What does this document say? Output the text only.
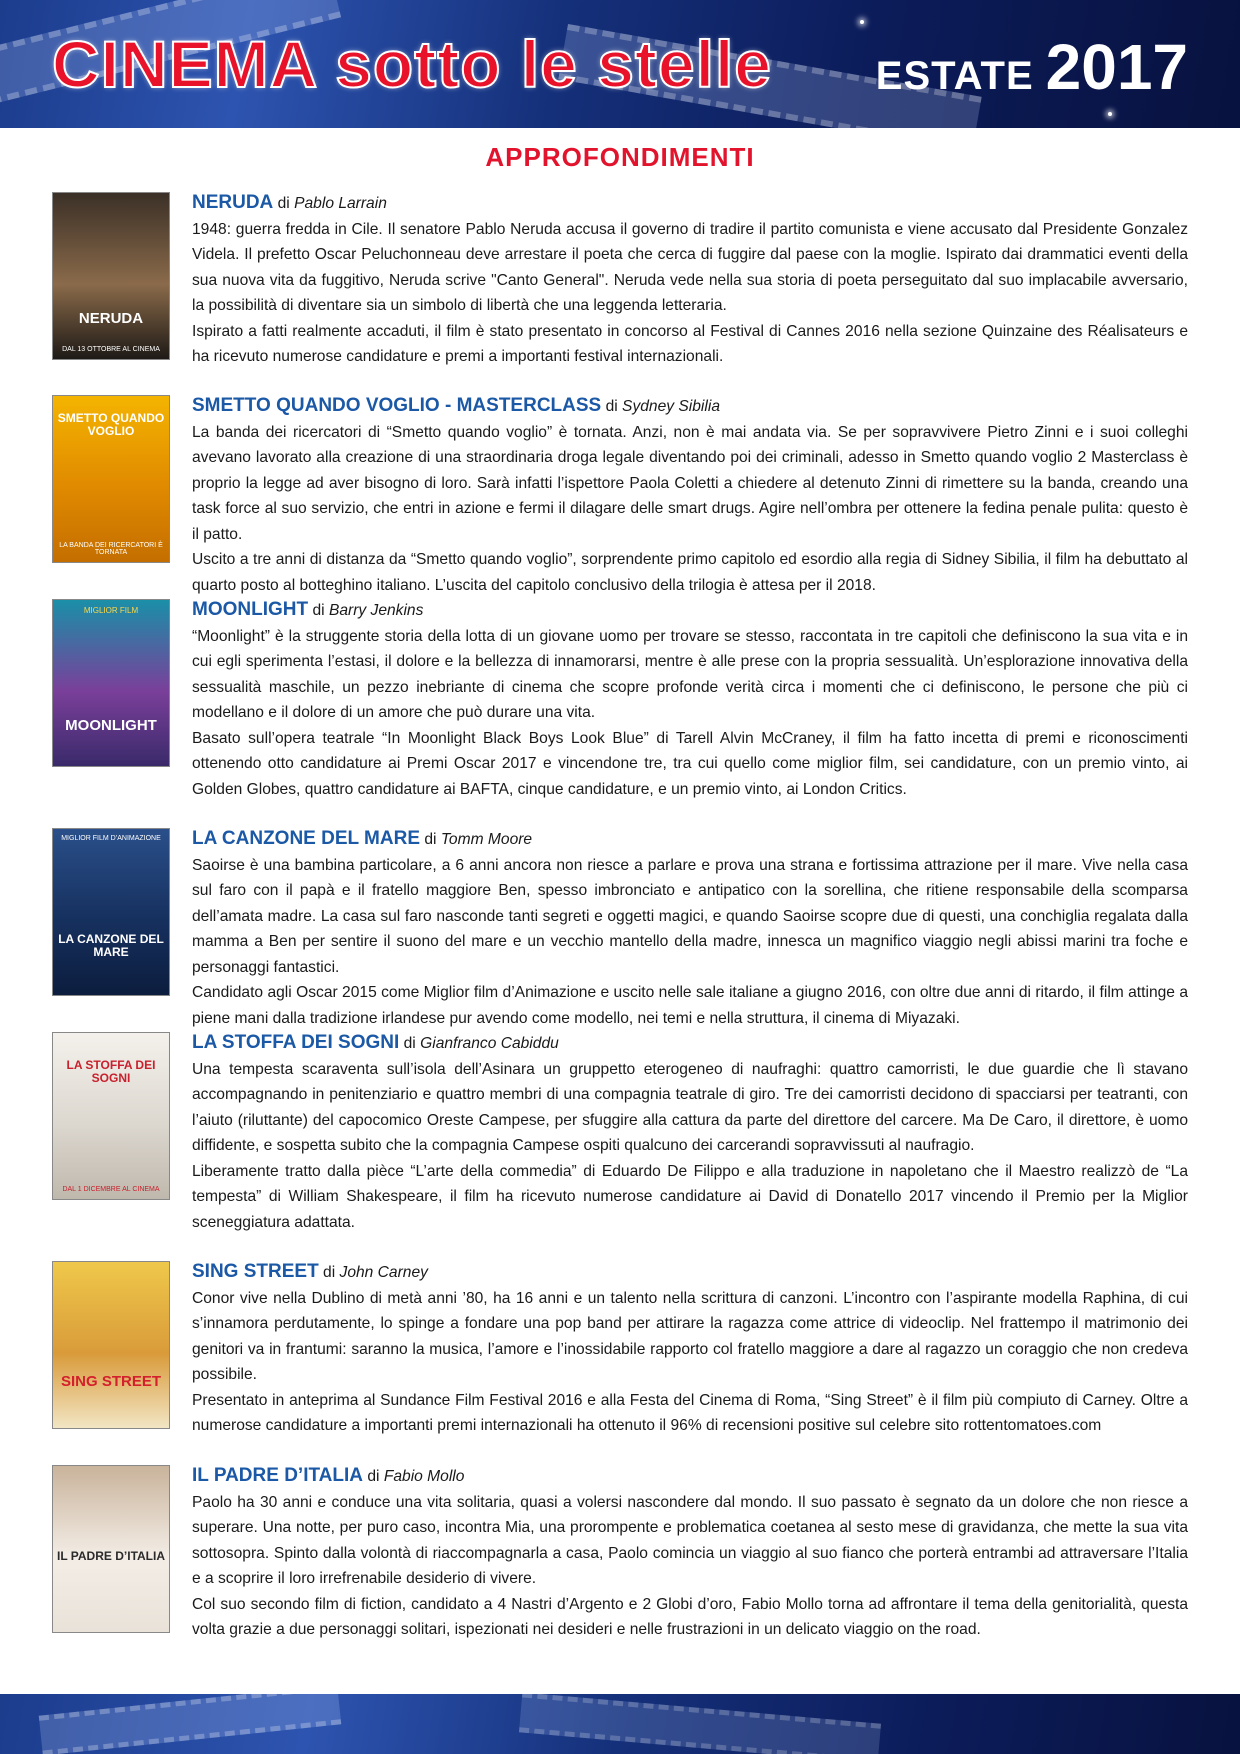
CINEMA sotto le stelle	ESTATE 2017
APPROFONDIMENTI
NERUDA
DAL 13 OTTOBRE AL CINEMA

NERUDA di Pablo Larrain

1948: guerra fredda in Cile. Il senatore Pablo Neruda accusa il governo di tradire il partito comunista e viene accusato dal Presidente Gonzalez Videla. Il prefetto Oscar Peluchonneau deve arrestare il poeta che cerca di fuggire dal paese con la moglie. Ispirato dai drammatici eventi della sua nuova vita da fuggitivo, Neruda scrive "Canto General". Neruda vede nella sua storia di poeta perseguitato dal suo implacabile avversario, la possibilità di diventare sia un simbolo di libertà che una leggenda letteraria.

Ispirato a fatti realmente accaduti, il film è stato presentato in concorso al Festival di Cannes 2016 nella sezione Quinzaine des Réalisateurs e ha ricevuto numerose candidature e premi a importanti festival internazionali.

SMETTO QUANDO VOGLIO
LA BANDA DEI RICERCATORI È TORNATA

SMETTO QUANDO VOGLIO - MASTERCLASS di Sydney Sibilia

La banda dei ricercatori di “Smetto quando voglio” è tornata. Anzi, non è mai andata via. Se per sopravvivere Pietro Zinni e i suoi colleghi avevano lavorato alla creazione di una straordinaria droga legale diventando poi dei criminali, adesso in Smetto quando voglio 2 Masterclass è proprio la legge ad aver bisogno di loro. Sarà infatti l’ispettore Paola Coletti a chiedere al detenuto Zinni di rimettere su la banda, creando una task force al suo servizio, che entri in azione e fermi il dilagare delle smart drugs. Agire nell’ombra per ottenere la fedina penale pulita: questo è il patto.

Uscito a tre anni di distanza da “Smetto quando voglio”, sorprendente primo capitolo ed esordio alla regia di Sidney Sibilia, il film ha debuttato al quarto posto al botteghino italiano. L’uscita del capitolo conclusivo della trilogia è attesa per il 2018.

MOONLIGHT
MIGLIOR FILM	MOONLIGHT di Barry Jenkins

“Moonlight” è la struggente storia della lotta di un giovane uomo per trovare se stesso, raccontata in tre capitoli che definiscono la sua vita e in cui egli sperimenta l’estasi, il dolore e la bellezza di innamorarsi, mentre è alle prese con la propria sessualità. Un’esplorazione innovativa della sessualità maschile, un pezzo inebriante di cinema che scopre profonde verità circa i momenti che ci definiscono, le persone che più ci modellano e il dolore di un amore che può durare una vita.

Basato sull’opera teatrale “In Moonlight Black Boys Look Blue” di Tarell Alvin McCraney, il film ha fatto incetta di premi e riconoscimenti ottenendo otto candidature ai Premi Oscar 2017 e vincendone tre, tra cui quello come miglior film, sei candidature, con un premio vinto, ai Golden Globes, quattro candidature ai BAFTA, cinque candidature, e un premio vinto, ai London Critics.

LA CANZONE DEL MARE
MIGLIOR FILM D’ANIMAZIONE	LA CANZONE DEL MARE di Tomm Moore

Saoirse è una bambina particolare, a 6 anni ancora non riesce a parlare e prova una strana e fortissima attrazione per il mare. Vive nella casa sul faro con il papà e il fratello maggiore Ben, spesso imbronciato e antipatico con la sorellina, che ritiene responsabile della scomparsa dell’amata madre. La casa sul faro nasconde tanti segreti e oggetti magici, e quando Saoirse scopre due di questi, una conchiglia regalata dalla mamma a Ben per sentire il suono del mare e un vecchio mantello della madre, innesca un magnifico viaggio negli abissi marini tra foche e personaggi fantastici.

Candidato agli Oscar 2015 come Miglior film d’Animazione e uscito nelle sale italiane a giugno 2016, con oltre due anni di ritardo, il film attinge a piene mani dalla tradizione irlandese pur avendo come modello, nei temi e nella struttura, il cinema di Miyazaki.

LA STOFFA DEI SOGNI
DAL 1 DICEMBRE AL CINEMA

LA STOFFA DEI SOGNI di Gianfranco Cabiddu

Una tempesta scaraventa sull’isola dell’Asinara un gruppetto eterogeneo di naufraghi: quattro camorristi, le due guardie che lì stavano accompagnando in penitenziario e quattro membri di una compagnia teatrale di giro. Tre dei camorristi decidono di spacciarsi per teatranti, con l’aiuto (riluttante) del capocomico Oreste Campese, per sfuggire alla cattura da parte del direttore del carcere. Ma De Caro, il direttore, è uomo diffidente, e sospetta subito che la compagnia Campese ospiti qualcuno dei carcerandi sopravvissuti al naufragio.

Liberamente tratto dalla pièce “L’arte della commedia” di Eduardo De Filippo e alla traduzione in napoletano che il Maestro realizzò de “La tempesta” di William Shakespeare, il film ha ricevuto numerose candidature ai David di Donatello 2017 vincendo il Premio per la Miglior sceneggiatura adattata.

SING STREET

SING STREET di John Carney

Conor vive nella Dublino di metà anni ’80, ha 16 anni e un talento nella scrittura di canzoni. L’incontro con l’aspirante modella Raphina, di cui s’innamora perdutamente, lo spinge a fondare una pop band per attirare la ragazza come attrice di videoclip. Nel frattempo il matrimonio dei genitori va in frantumi: saranno la musica, l’amore e l’inossidabile rapporto col fratello maggiore a dare al ragazzo un coraggio che non credeva possibile.

Presentato in anteprima al Sundance Film Festival 2016 e alla Festa del Cinema di Roma, “Sing Street” è il film più compiuto di Carney. Oltre a numerose candidature a importanti premi internazionali ha ottenuto il 96% di recensioni positive sul celebre sito rottentomatoes.com

IL PADRE D’ITALIA

IL PADRE D’ITALIA di Fabio Mollo

Paolo ha 30 anni e conduce una vita solitaria, quasi a volersi nascondere dal mondo. Il suo passato è segnato da un dolore che non riesce a superare. Una notte, per puro caso, incontra Mia, una prorompente e problematica coetanea al sesto mese di gravidanza, che mette la sua vita sottosopra. Spinto dalla volontà di riaccompagnarla a casa, Paolo comincia un viaggio al suo fianco che porterà entrambi ad attraversare l’Italia e a scoprire il loro irrefrenabile desiderio di vivere.

Col suo secondo film di fiction, candidato a 4 Nastri d’Argento e 2 Globi d’oro, Fabio Mollo torna ad affrontare il tema della genitorialità, questa volta grazie a due personaggi solitari, ispezionati nei desideri e nelle frustrazioni in un delicato viaggio on the road.
